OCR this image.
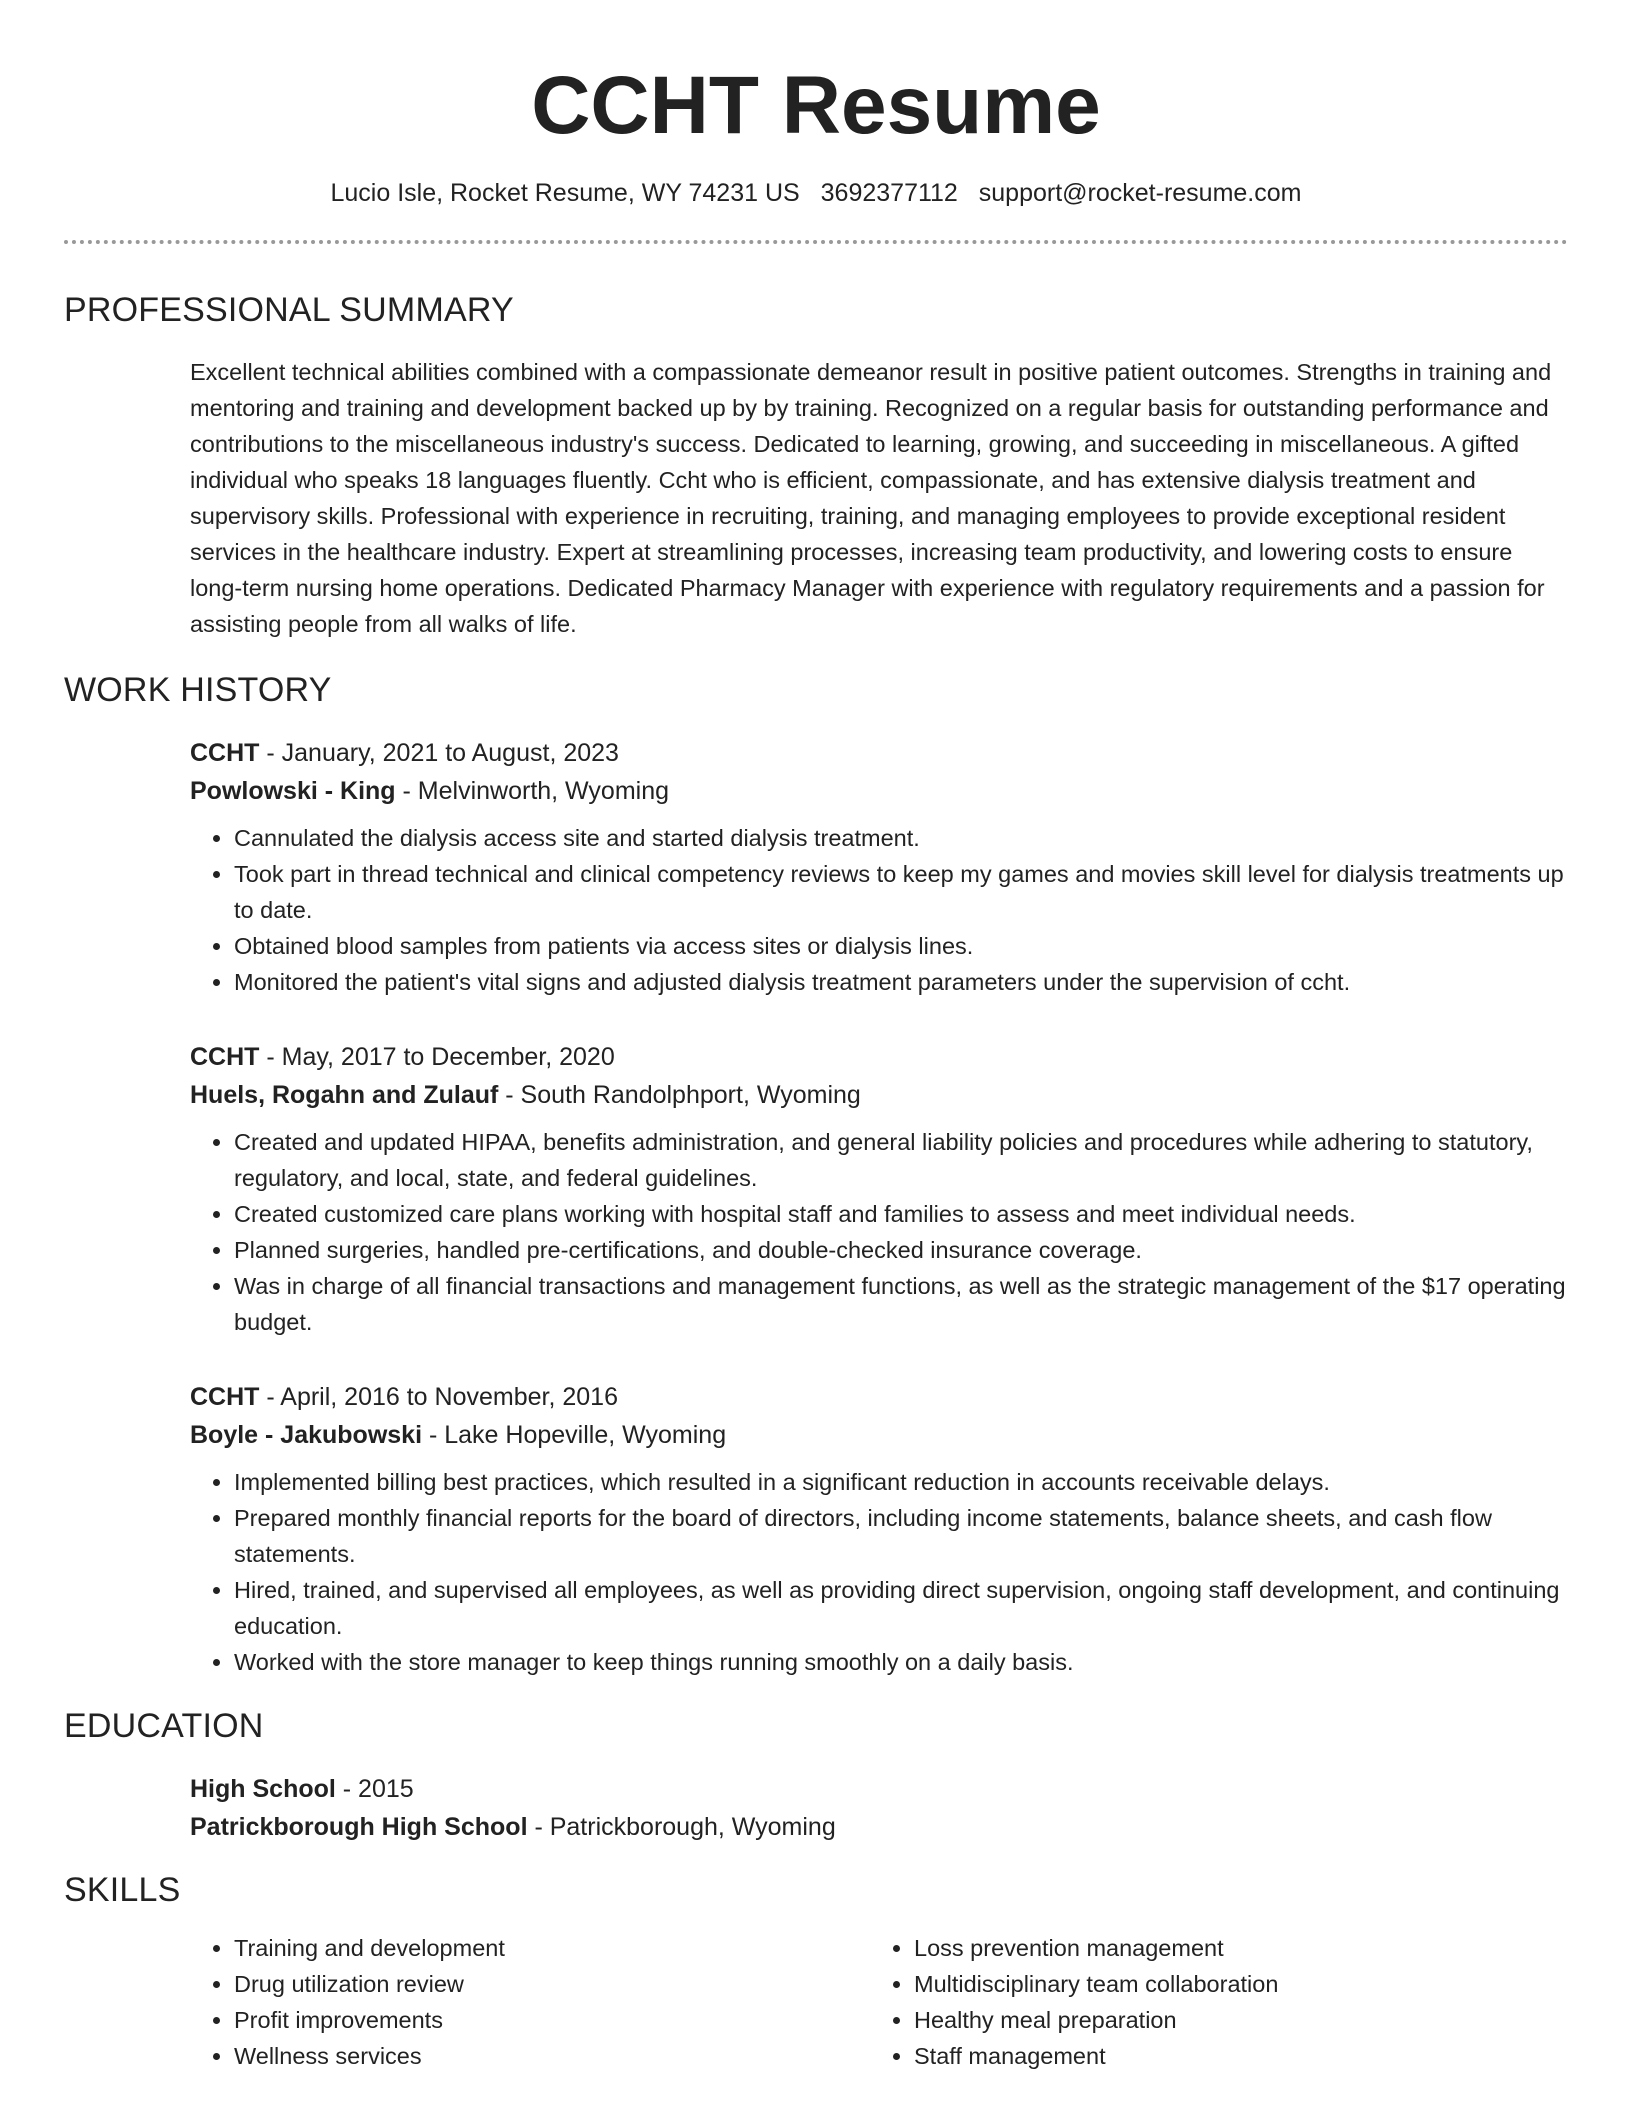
CCHT Resume
Lucio Isle, Rocket Resume, WY 74231 US 3692377112 support@rocket-resume.com
PROFESSIONAL SUMMARY
Excellent technical abilities combined with a compassionate demeanor result in positive patient outcomes. Strengths in training and mentoring and training and development backed up by by training. Recognized on a regular basis for outstanding performance and contributions to the miscellaneous industry's success. Dedicated to learning, growing, and succeeding in miscellaneous. A gifted individual who speaks 18 languages fluently. Ccht who is efficient, compassionate, and has extensive dialysis treatment and supervisory skills. Professional with experience in recruiting, training, and managing employees to provide exceptional resident services in the healthcare industry. Expert at streamlining processes, increasing team productivity, and lowering costs to ensure long-term nursing home operations. Dedicated Pharmacy Manager with experience with regulatory requirements and a passion for assisting people from all walks of life.
WORK HISTORY
CCHT - January, 2021 to August, 2023
Powlowski - King - Melvinworth, Wyoming
• Cannulated the dialysis access site and started dialysis treatment.
• Took part in thread technical and clinical competency reviews to keep my games and movies skill level for dialysis treatments up to date.
• Obtained blood samples from patients via access sites or dialysis lines.
• Monitored the patient's vital signs and adjusted dialysis treatment parameters under the supervision of ccht.
CCHT - May, 2017 to December, 2020
Huels, Rogahn and Zulauf - South Randolphport, Wyoming
• Created and updated HIPAA, benefits administration, and general liability policies and procedures while adhering to statutory, regulatory, and local, state, and federal guidelines.
• Created customized care plans working with hospital staff and families to assess and meet individual needs.
• Planned surgeries, handled pre-certifications, and double-checked insurance coverage.
• Was in charge of all financial transactions and management functions, as well as the strategic management of the $17 operating budget.
CCHT - April, 2016 to November, 2016
Boyle - Jakubowski - Lake Hopeville, Wyoming
• Implemented billing best practices, which resulted in a significant reduction in accounts receivable delays.
• Prepared monthly financial reports for the board of directors, including income statements, balance sheets, and cash flow statements.
• Hired, trained, and supervised all employees, as well as providing direct supervision, ongoing staff development, and continuing education.
• Worked with the store manager to keep things running smoothly on a daily basis.
EDUCATION
High School - 2015
Patrickborough High School - Patrickborough, Wyoming
SKILLS
• Training and development
• Drug utilization review
• Profit improvements
• Wellness services
• Loss prevention management
• Multidisciplinary team collaboration
• Healthy meal preparation
• Staff management
